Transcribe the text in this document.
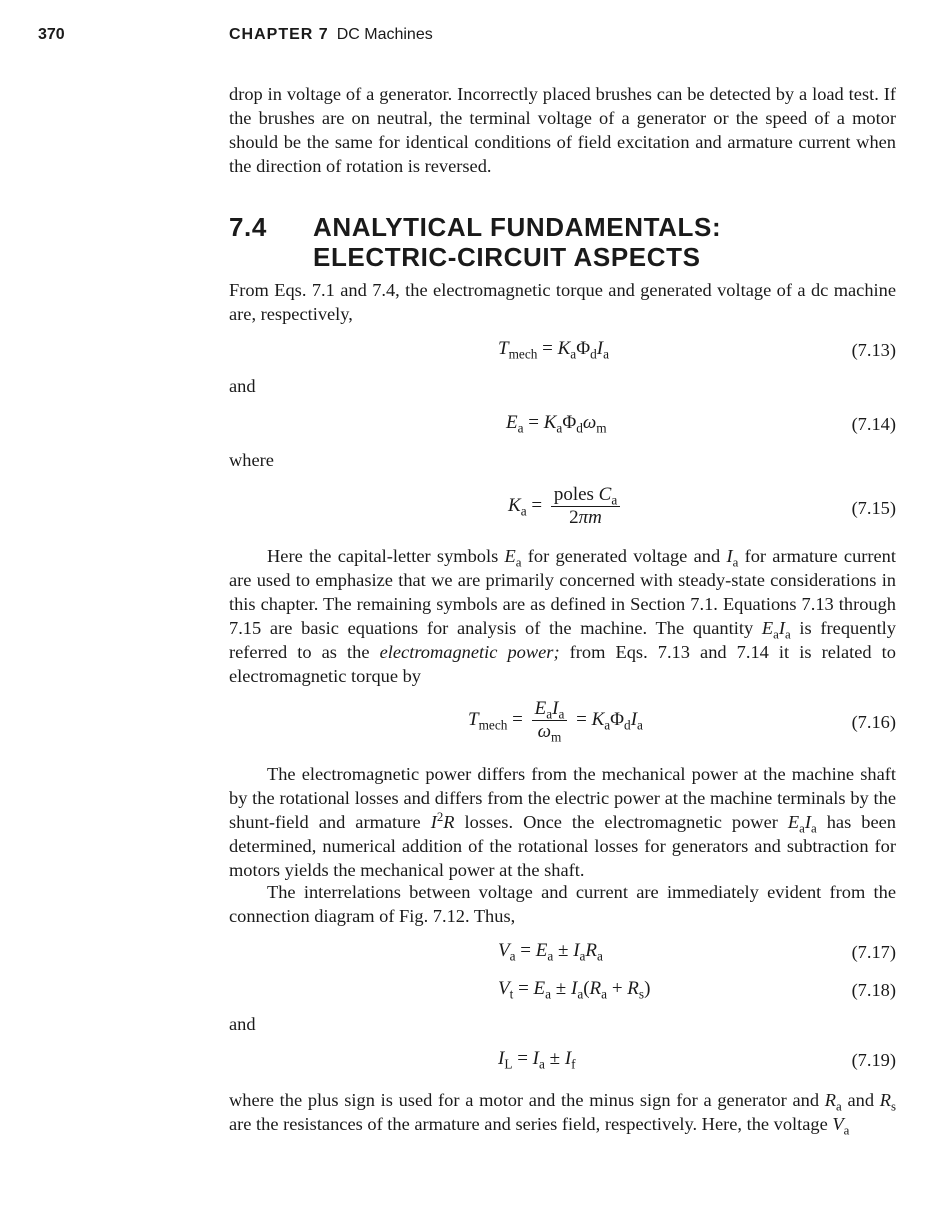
370	CHAPTER 7 DC Machines
drop in voltage of a generator. Incorrectly placed brushes can be detected by a load test. If the brushes are on neutral, the terminal voltage of a generator or the speed of a motor should be the same for identical conditions of field excitation and armature current when the direction of rotation is reversed.
7.4 ANALYTICAL FUNDAMENTALS:
ELECTRIC-CIRCUIT ASPECTS
From Eqs. 7.1 and 7.4, the electromagnetic torque and generated voltage of a dc machine are, respectively,
$T_{mech} = K_a\Phi_dI_a$	(7.13)
and
$E_a = K_a\Phi_d\omega_m$	(7.14)
where
$K_a = \frac{poles C_a}{2\pi m}$	(7.15)
Here the capital-letter symbols $E_a$ for generated voltage and $I_a$ for armature current are used to emphasize that we are primarily concerned with steady-state considerations in this chapter. The remaining symbols are as defined in Section 7.1. Equations 7.13 through 7.15 are basic equations for analysis of the machine. The quantity $E_aI_a$ is frequently referred to as the electromagnetic power; from Eqs. 7.13 and 7.14 it is related to electromagnetic torque by
$T_{mech} = \frac{E_aI_a}{\omega_m} = K_a\Phi_dI_a$	(7.16)
The electromagnetic power differs from the mechanical power at the machine shaft by the rotational losses and differs from the electric power at the machine terminals by the shunt-field and armature $I^2R$ losses. Once the electromagnetic power $E_aI_a$ has been determined, numerical addition of the rotational losses for generators and subtraction for motors yields the mechanical power at the shaft.
The interrelations between voltage and current are immediately evident from the connection diagram of Fig. 7.12. Thus,
$V_a = E_a \pm I_aR_a$	(7.17)
$V_t = E_a \pm I_a(R_a + R_s)$	(7.18)
and
$I_L = I_a \pm I_f$	(7.19)
where the plus sign is used for a motor and the minus sign for a generator and $R_a$ and $R_s$ are the resistances of the armature and series field, respectively. Here, the voltage $V_a$
